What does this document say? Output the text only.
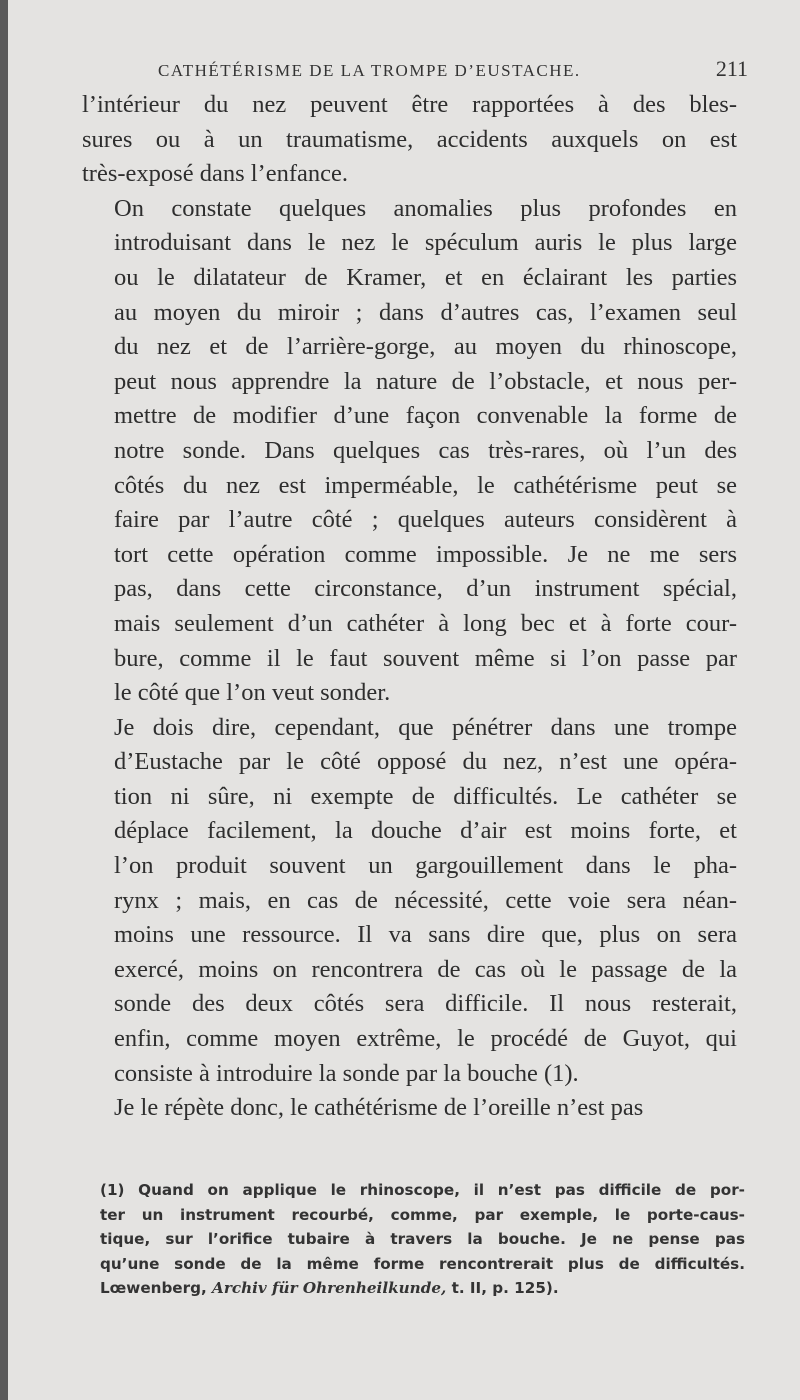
CATHÉTÉRISME DE LA TROMPE D’EUSTACHE.	211

l’intérieur du nez peuvent être rapportées à des bles-
sures ou à un traumatisme, accidents auxquels on est
très-exposé dans l’enfance.

On constate quelques anomalies plus profondes en
introduisant dans le nez le spéculum auris le plus large
ou le dilatateur de Kramer, et en éclairant les parties
au moyen du miroir ; dans d’autres cas, l’examen seul
du nez et de l’arrière-gorge, au moyen du rhinoscope,
peut nous apprendre la nature de l’obstacle, et nous per-
mettre de modifier d’une façon convenable la forme de
notre sonde. Dans quelques cas très-rares, où l’un des
côtés du nez est imperméable, le cathétérisme peut se
faire par l’autre côté ; quelques auteurs considèrent à
tort cette opération comme impossible. Je ne me sers
pas, dans cette circonstance, d’un instrument spécial,
mais seulement d’un cathéter à long bec et à forte cour-
bure, comme il le faut souvent même si l’on passe par
le côté que l’on veut sonder.

Je dois dire, cependant, que pénétrer dans une trompe
d’Eustache par le côté opposé du nez, n’est une opéra-
tion ni sûre, ni exempte de difficultés. Le cathéter se
déplace facilement, la douche d’air est moins forte, et
l’on produit souvent un gargouillement dans le pha-
rynx ; mais, en cas de nécessité, cette voie sera néan-
moins une ressource. Il va sans dire que, plus on sera
exercé, moins on rencontrera de cas où le passage de la
sonde des deux côtés sera difficile. Il nous resterait,
enfin, comme moyen extrême, le procédé de Guyot, qui
consiste à introduire la sonde par la bouche (1).

Je le répète donc, le cathétérisme de l’oreille n’est pas

(1) Quand on applique le rhinoscope, il n’est pas difficile de por-
ter un instrument recourbé, comme, par exemple, le porte-caus-
tique, sur l’orifice tubaire à travers la bouche. Je ne pense pas
qu’une sonde de la même forme rencontrerait plus de difficultés.
Lœwenberg, Archiv für Ohrenheilkunde, t. II, p. 125).
